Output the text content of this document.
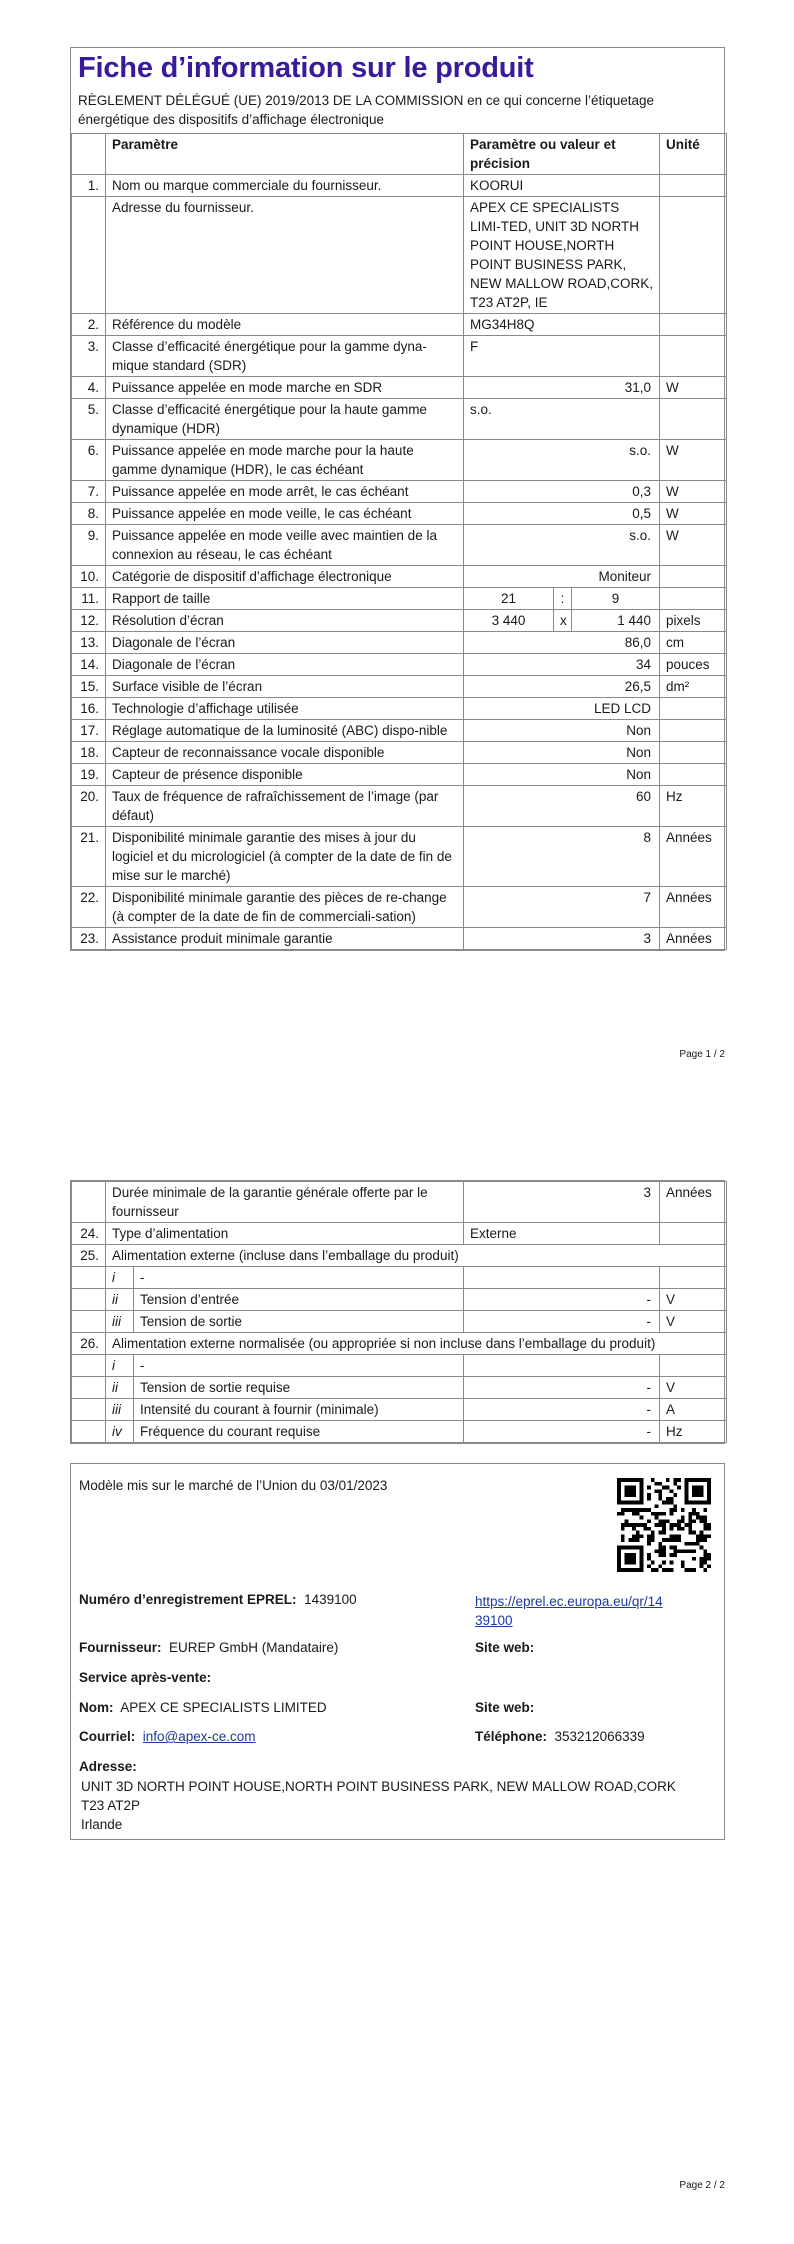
Fiche d’information sur le produit
RÈGLEMENT DÉLÉGUÉ (UE) 2019/2013 DE LA COMMISSION en ce qui concerne l’étiquetage énergétique des dispositifs d’affichage électronique
	Paramètre	Paramètre ou valeur et précision			Unité
1.	Nom ou marque commerciale du fournisseur.	KOORUI			
	Adresse du fournisseur.	APEX CE SPECIALISTS LIMI-TED, UNIT 3D NORTH POINT HOUSE,NORTH POINT BUSINESS PARK, NEW MALLOW ROAD,CORK, T23 AT2P, IE			
2.	Référence du modèle	MG34H8Q			
3.	Classe d’efficacité énergétique pour la gamme dyna-mique standard (SDR)	F			
4.	Puissance appelée en mode marche en SDR	31,0			W
5.	Classe d’efficacité énergétique pour la haute gamme dynamique (HDR)	s.o.			
6.	Puissance appelée en mode marche pour la haute gamme dynamique (HDR), le cas échéant	s.o.			W
7.	Puissance appelée en mode arrêt, le cas échéant	0,3			W
8.	Puissance appelée en mode veille, le cas échéant	0,5			W
9.	Puissance appelée en mode veille avec maintien de la connexion au réseau, le cas échéant	s.o.			W
10.	Catégorie de dispositif d’affichage électronique	Moniteur			
11.	Rapport de taille	21	:	9	
12.	Résolution d’écran	3 440	x	1 440	pixels
13.	Diagonale de l’écran	86,0			cm
14.	Diagonale de l’écran	34			pouces
15.	Surface visible de l’écran	26,5			dm²
16.	Technologie d’affichage utilisée	LED LCD			
17.	Réglage automatique de la luminosité (ABC) dispo-nible	Non			
18.	Capteur de reconnaissance vocale disponible	Non			
19.	Capteur de présence disponible	Non			
20.	Taux de fréquence de rafraîchissement de l’image (par défaut)	60			Hz
21.	Disponibilité minimale garantie des mises à jour du logiciel et du micrologiciel (à compter de la date de fin de mise sur le marché)	8			Années
22.	Disponibilité minimale garantie des pièces de re-change (à compter de la date de fin de commerciali-sation)	7			Années
23.	Assistance produit minimale garantie	3			Années
Page 1 / 2
	Durée minimale de la garantie générale offerte par le fournisseur		3	Années
24.	Type d’alimentation		Externe	
25.	Alimentation externe (incluse dans l’emballage du produit)			
	i	-		
	ii	Tension d’entrée	-	V
	iii	Tension de sortie	-	V
26.	Alimentation externe normalisée (ou appropriée si non incluse dans l’emballage du produit)			
	i	-		
	ii	Tension de sortie requise	-	V
	iii	Intensité du courant à fournir (minimale)	-	A
	iv	Fréquence du courant requise	-	Hz
Modèle mis sur le marché de l’Union du 03/01/2023
Numéro d’enregistrement EPREL: 1439100	https://eprel.ec.europa.eu/qr/14
39100
Fournisseur: EUREP GmbH (Mandataire)	Site web:
Service après-vente:
Nom: APEX CE SPECIALISTS LIMITED	Site web:
Courriel: info@apex-ce.com	Téléphone: 353212066339
Adresse:
UNIT 3D NORTH POINT HOUSE,NORTH POINT BUSINESS PARK, NEW MALLOW ROAD,CORK
T23 AT2P
Irlande
Page 2 / 2
